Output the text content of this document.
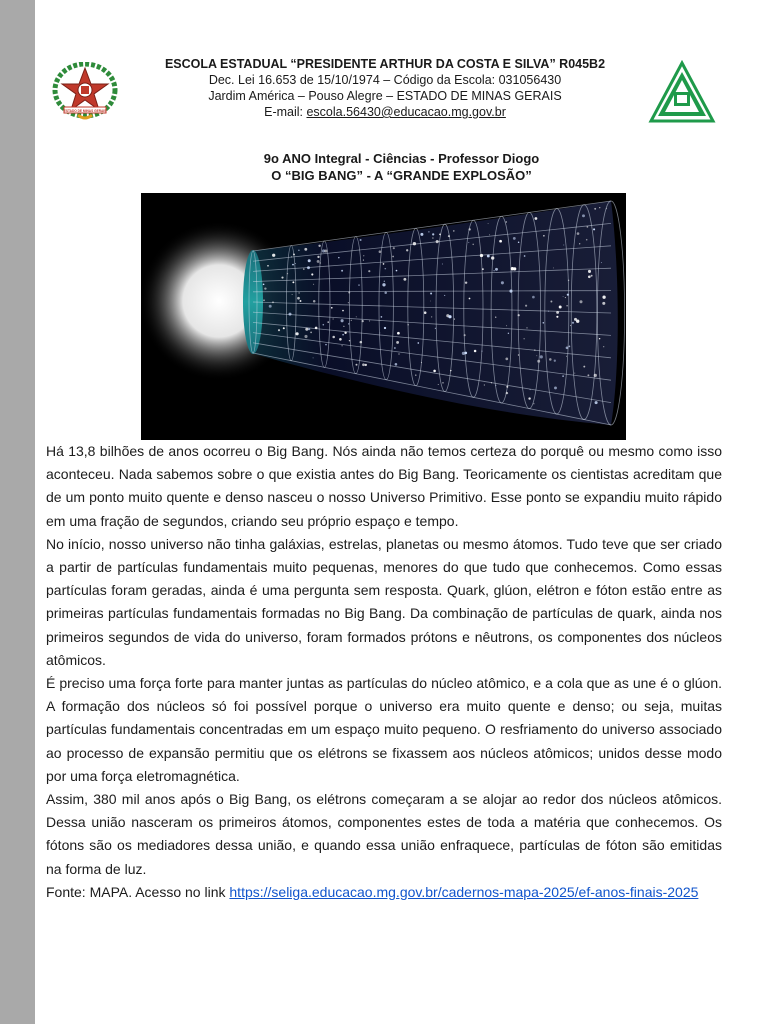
ESTADO DE MINAS GERAIS
ESCOLA ESTADUAL “PRESIDENTE ARTHUR DA COSTA E SILVA” R045B2
Dec. Lei 16.653 de 15/10/1974 – Código da Escola: 031056430
Jardim América – Pouso Alegre – ESTADO DE MINAS GERAIS
E-mail: escola.56430@educacao.mg.gov.br	POUSO ALEGRE
9o ANO Integral - Ciências - Professor Diogo
O “BIG BANG” - A “GRANDE EXPLOSÃO”

Há 13,8 bilhões de anos ocorreu o Big Bang. Nós ainda não temos certeza do porquê ou mesmo como isso aconteceu. Nada sabemos sobre o que existia antes do Big Bang. Teoricamente os cientistas acreditam que de um ponto muito quente e denso nasceu o nosso Universo Primitivo. Esse ponto se expandiu muito rápido em uma fração de segundos, criando seu próprio espaço e tempo.

No início, nosso universo não tinha galáxias, estrelas, planetas ou mesmo átomos. Tudo teve que ser criado a partir de partículas fundamentais muito pequenas, menores do que tudo que conhecemos. Como essas partículas foram geradas, ainda é uma pergunta sem resposta. Quark, glúon, elétron e fóton estão entre as primeiras partículas fundamentais formadas no Big Bang. Da combinação de partículas de quark, ainda nos primeiros segundos de vida do universo, foram formados prótons e nêutrons, os componentes dos núcleos atômicos.

É preciso uma força forte para manter juntas as partículas do núcleo atômico, e a cola que as une é o glúon. A formação dos núcleos só foi possível porque o universo era muito quente e denso; ou seja, muitas partículas fundamentais concentradas em um espaço muito pequeno. O resfriamento do universo associado ao processo de expansão permitiu que os elétrons se fixassem aos núcleos atômicos; unidos desse modo por uma força eletromagnética.

Assim, 380 mil anos após o Big Bang, os elétrons começaram a se alojar ao redor dos núcleos atômicos. Dessa união nasceram os primeiros átomos, componentes estes de toda a matéria que conhecemos. Os fótons são os mediadores dessa união, e quando essa união enfraquece, partículas de fóton são emitidas na forma de luz.

Fonte: MAPA. Acesso no link https://seliga.educacao.mg.gov.br/cadernos-mapa-2025/ef-anos-finais-2025
